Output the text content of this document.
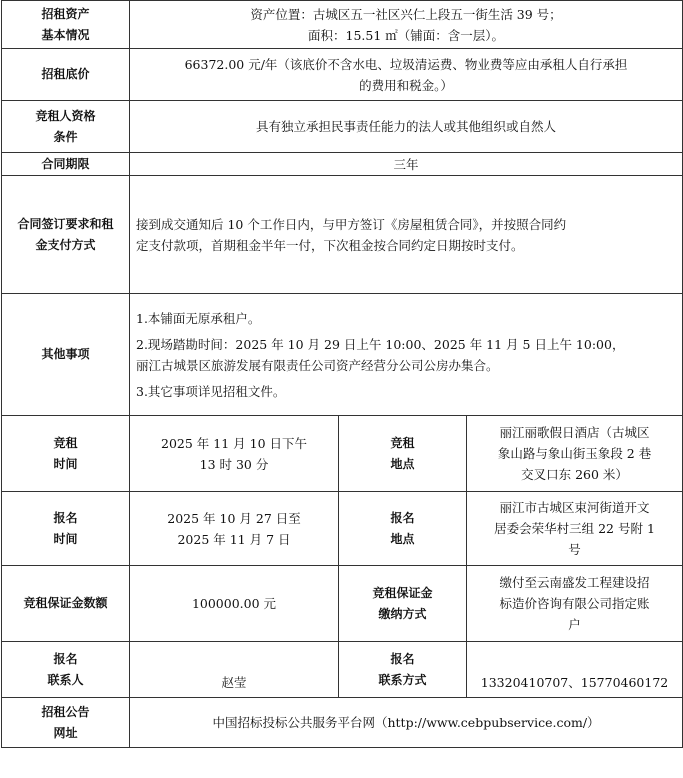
招租资产
基本情况	资产位置：古城区五一社区兴仁上段五一街生活 39 号；
面积：15.51 ㎡（铺面：含一层）。		

招租底价	66372.00 元/年（该底价不含水电、垃圾清运费、物业费等应由承租人自行承担
的费用和税金。）		

竞租人资格
条件	具有独立承担民事责任能力的法人或其他组织或自然人		
合同期限	三年		

合同签订要求和租
金支付方式	接到成交通知后 10 个工作日内，与甲方签订《房屋租赁合同》，并按照合同约
定支付款项，首期租金半年一付，下次租金按合同约定日期按时支付。		

其他事项	1.本铺面无原承租户。
2.现场踏勘时间：2025 年 10 月 29 日上午 10:00、2025 年 11 月 5 日上午 10:00，
丽江古城景区旅游发展有限责任公司资产经营分公司公房办集合。
3.其它事项详见招租文件。		

竞租
时间	2025 年 11 月 10 日下午
13 时 30 分	竞租
地点	丽江丽歌假日酒店（古城区
象山路与象山街玉象段 2 巷
交叉口东 260 米）

报名
时间	2025 年 10 月 27 日至
2025 年 11 月 7 日	报名
地点	丽江市古城区束河街道开文
居委会荣华村三组 22 号附 1
号

竞租保证金数额	100000.00 元	竞租保证金
缴纳方式	缴付至云南盛发工程建设招
标造价咨询有限公司指定账
户

报名
联系人	赵莹	报名
联系方式	13320410707、15770460172

招租公告
网址	中国招标投标公共服务平台网（http://www.cebpubservice.com/）		
